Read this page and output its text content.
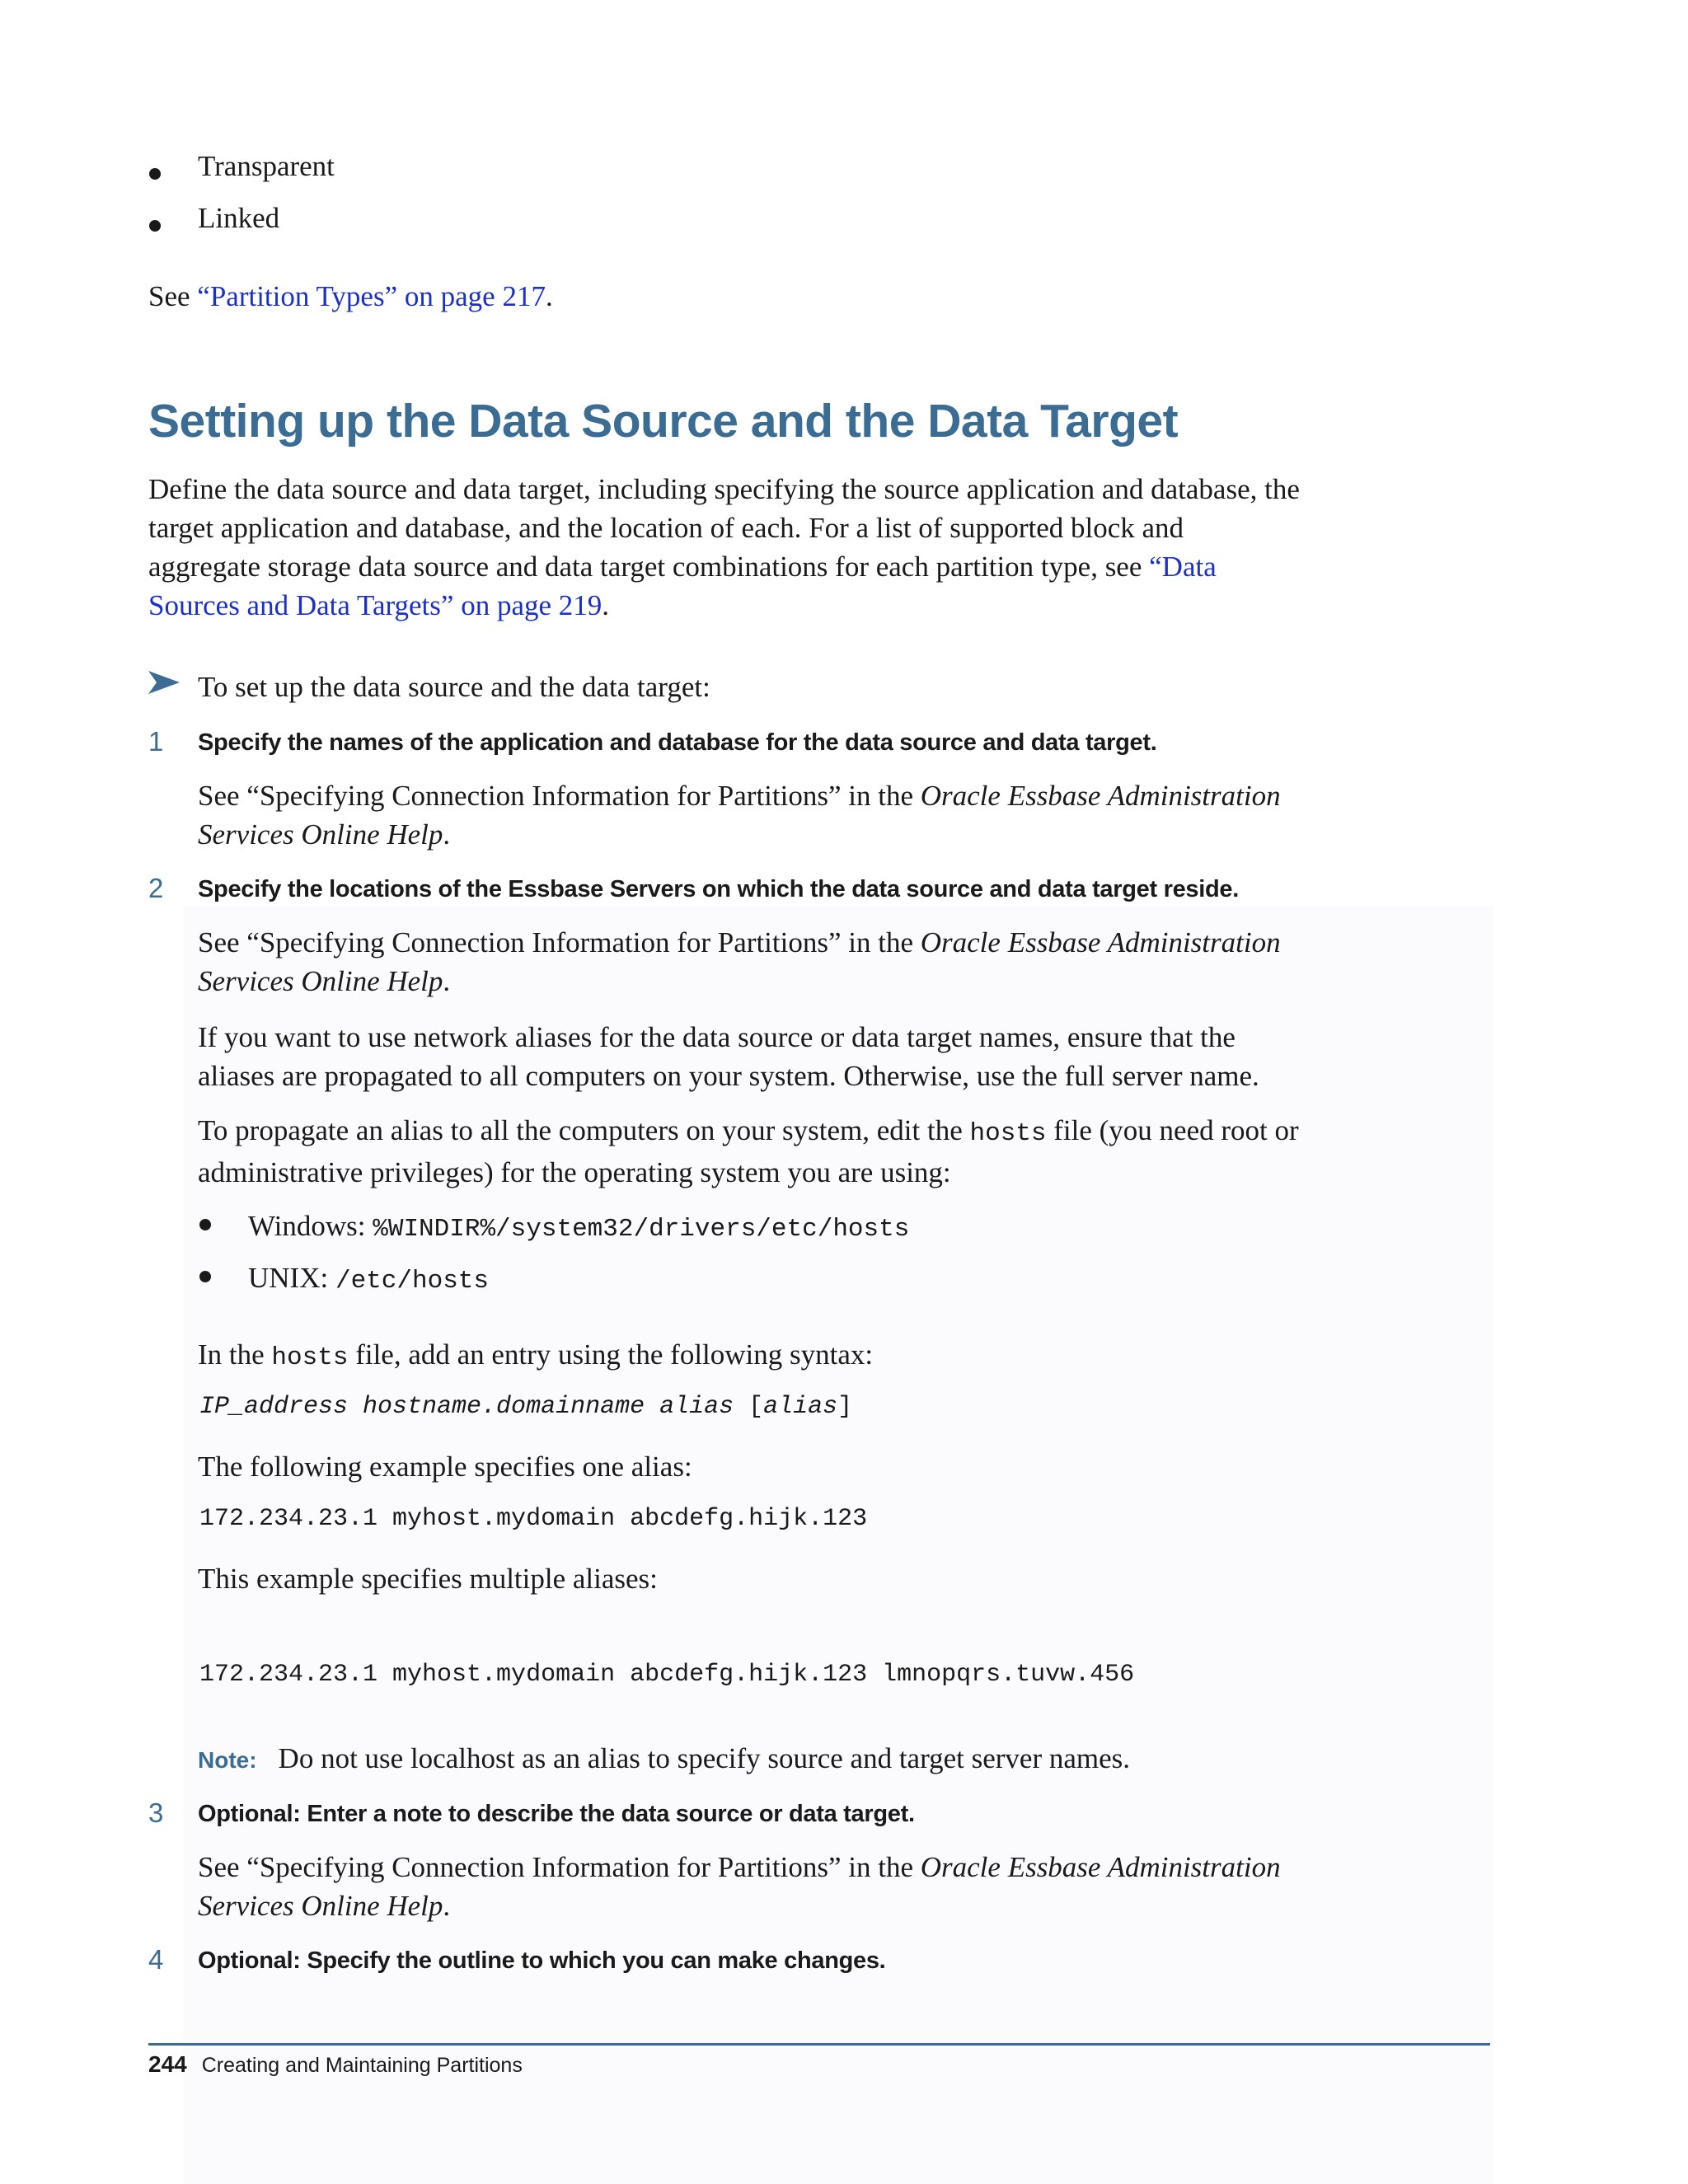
Transparent
Linked
See “Partition Types” on page 217.
Setting up the Data Source and the Data Target
Define the data source and data target, including specifying the source application and database, the target application and database, and the location of each. For a list of supported block and aggregate storage data source and data target combinations for each partition type, see “Data Sources and Data Targets” on page 219.
To set up the data source and the data target:
1 Specify the names of the application and database for the data source and data target.
See “Specifying Connection Information for Partitions” in the Oracle Essbase Administration Services Online Help.
2 Specify the locations of the Essbase Servers on which the data source and data target reside.
See “Specifying Connection Information for Partitions” in the Oracle Essbase Administration Services Online Help.
If you want to use network aliases for the data source or data target names, ensure that the aliases are propagated to all computers on your system. Otherwise, use the full server name.
To propagate an alias to all the computers on your system, edit the hosts file (you need root or administrative privileges) for the operating system you are using:
Windows: %WINDIR%/system32/drivers/etc/hosts
UNIX: /etc/hosts
In the hosts file, add an entry using the following syntax:
IP_address hostname.domainname alias [alias]
The following example specifies one alias:
172.234.23.1 myhost.mydomain abcdefg.hijk.123
This example specifies multiple aliases:
172.234.23.1 myhost.mydomain abcdefg.hijk.123 lmnopqrs.tuvw.456
Note: Do not use localhost as an alias to specify source and target server names.
3 Optional: Enter a note to describe the data source or data target.
See “Specifying Connection Information for Partitions” in the Oracle Essbase Administration Services Online Help.
4 Optional: Specify the outline to which you can make changes.
244 Creating and Maintaining Partitions
